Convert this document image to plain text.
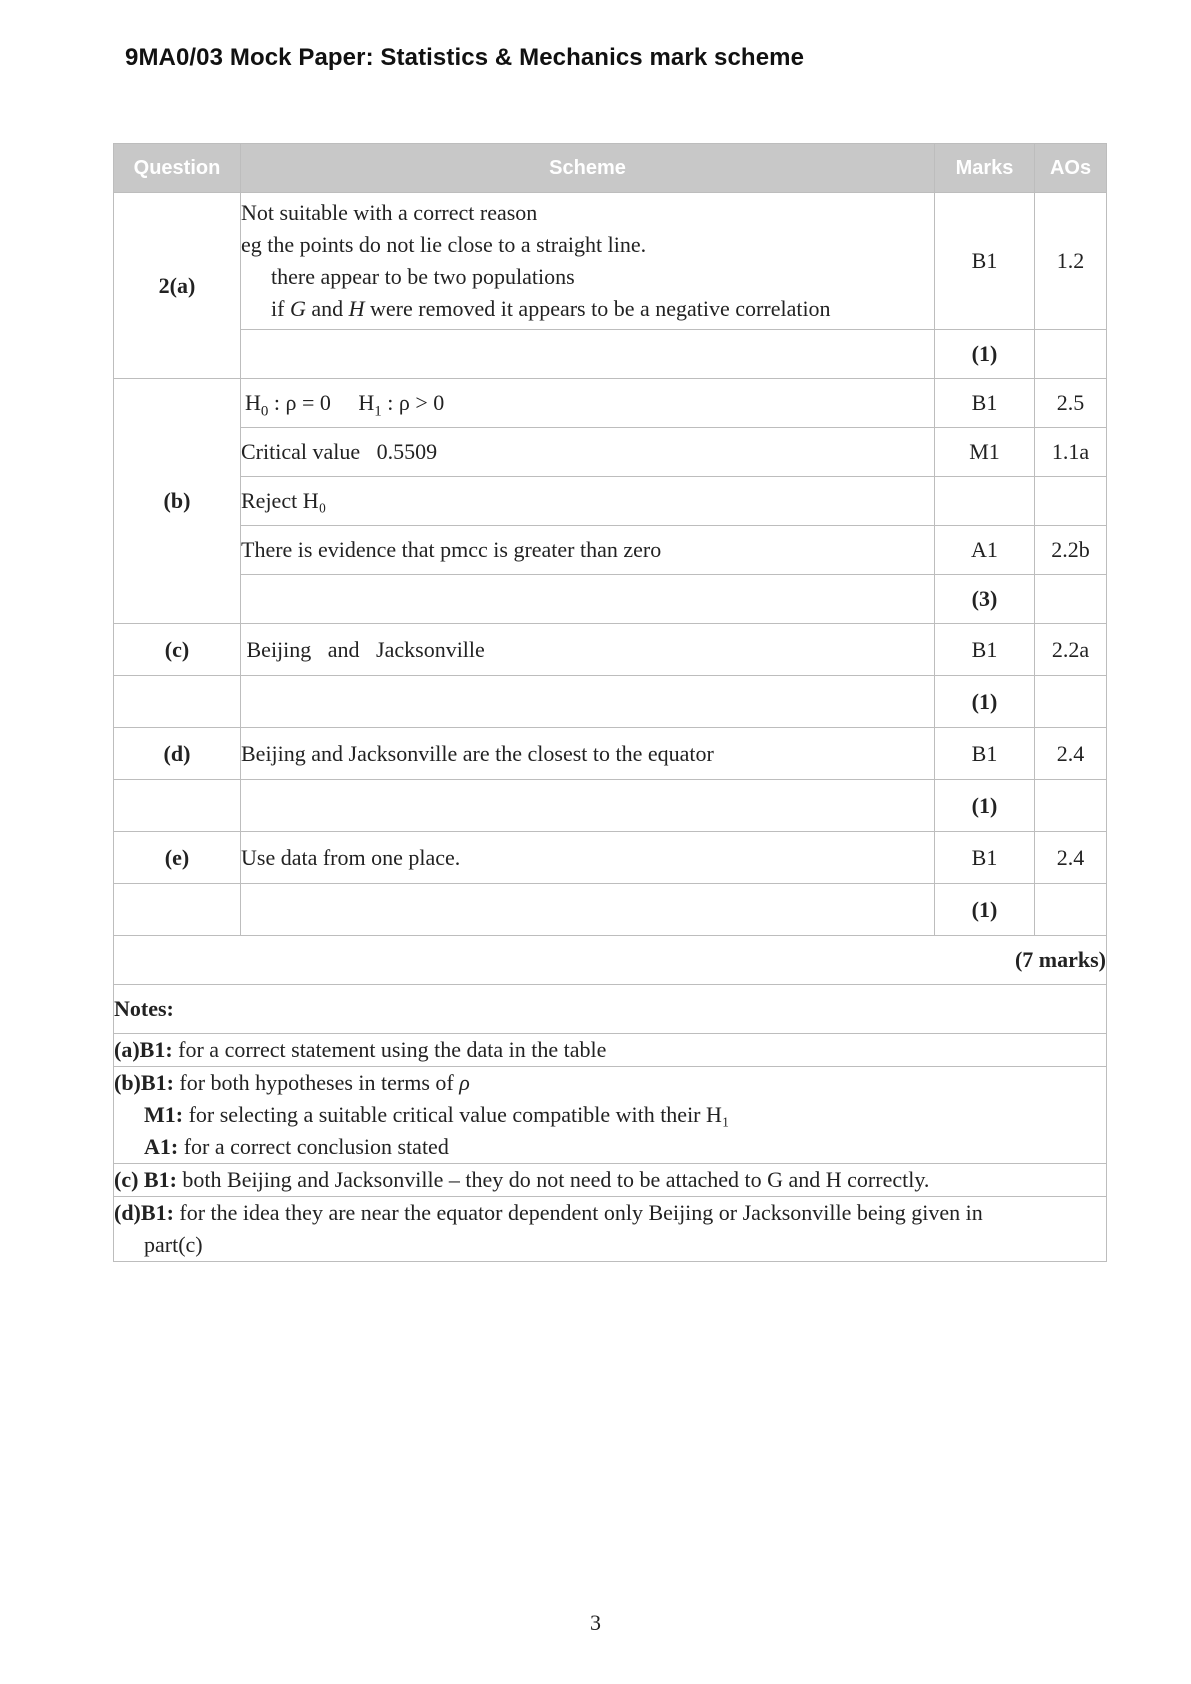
9MA0/03 Mock Paper: Statistics & Mechanics mark scheme
Question	Scheme	Marks	AOs
2(a)	Not suitable with a correct reason
eg the points do not lie close to a straight line.
there appear to be two populations
if G and H were removed it appears to be a negative correlation	B1	1.2
		(1)	
(b)	$H_0$ : ρ = 0 $H_1$ : ρ > 0	B1	2.5
	Critical value   0.5509	M1	1.1a
	Reject H₀		
	There is evidence that pmcc is greater than zero	A1	2.2b
		(3)	
(c)	Beijing   and   Jacksonville	B1	2.2a
		(1)	
(d)	Beijing and Jacksonville are the closest to the equator	B1	2.4
		(1)	
(e)	Use data from one place.	B1	2.4
		(1)	
(7 marks)			
Notes:			
(a)B1: for a correct statement using the data in the table			

(b)B1: for both hypotheses in terms of ρ
M1: for selecting a suitable critical value compatible with their H₁
A1: for a correct conclusion stated			

(c) B1: both Beijing and Jacksonville – they do not need to be attached to G and H correctly.			

(d)B1: for the idea they are near the equator dependent only Beijing or Jacksonville being given in
part(c)			
3
